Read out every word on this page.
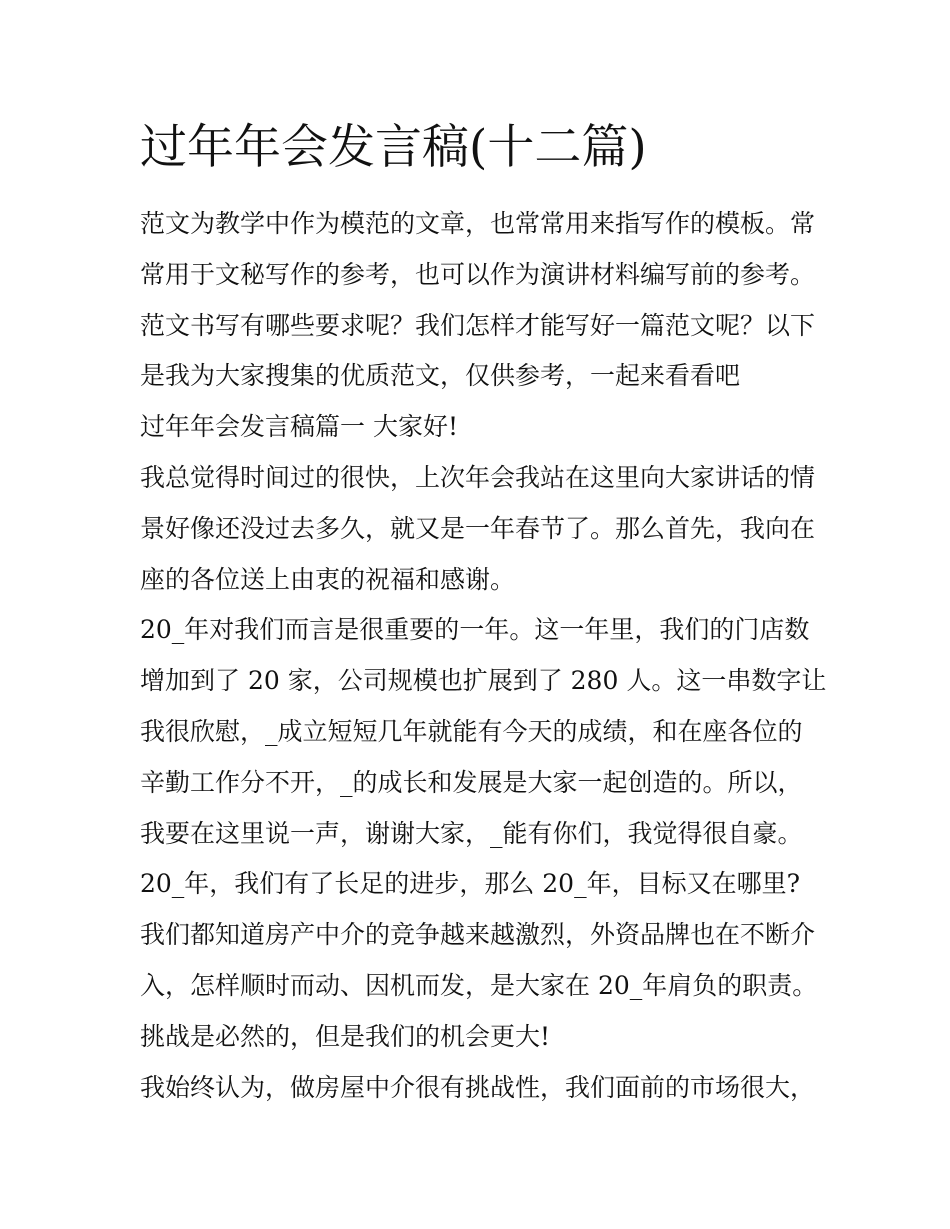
过年年会发言稿(十二篇)
范文为教学中作为模范的文章，也常常用来指写作的模板。常
常用于文秘写作的参考，也可以作为演讲材料编写前的参考。
范文书写有哪些要求呢？我们怎样才能写好一篇范文呢？以下
是我为大家搜集的优质范文，仅供参考，一起来看看吧
过年年会发言稿篇一 大家好!
我总觉得时间过的很快，上次年会我站在这里向大家讲话的情
景好像还没过去多久，就又是一年春节了。那么首先，我向在
座的各位送上由衷的祝福和感谢。
20_年对我们而言是很重要的一年。这一年里，我们的门店数
增加到了 20 家，公司规模也扩展到了 280 人。这一串数字让
我很欣慰，_成立短短几年就能有今天的成绩，和在座各位的
辛勤工作分不开，_的成长和发展是大家一起创造的。所以，
我要在这里说一声，谢谢大家，_能有你们，我觉得很自豪。
20_年，我们有了长足的进步，那么 20_年，目标又在哪里?
我们都知道房产中介的竞争越来越激烈，外资品牌也在不断介
入，怎样顺时而动、因机而发，是大家在 20_年肩负的职责。
挑战是必然的，但是我们的机会更大!
我始终认为，做房屋中介很有挑战性，我们面前的市场很大，
